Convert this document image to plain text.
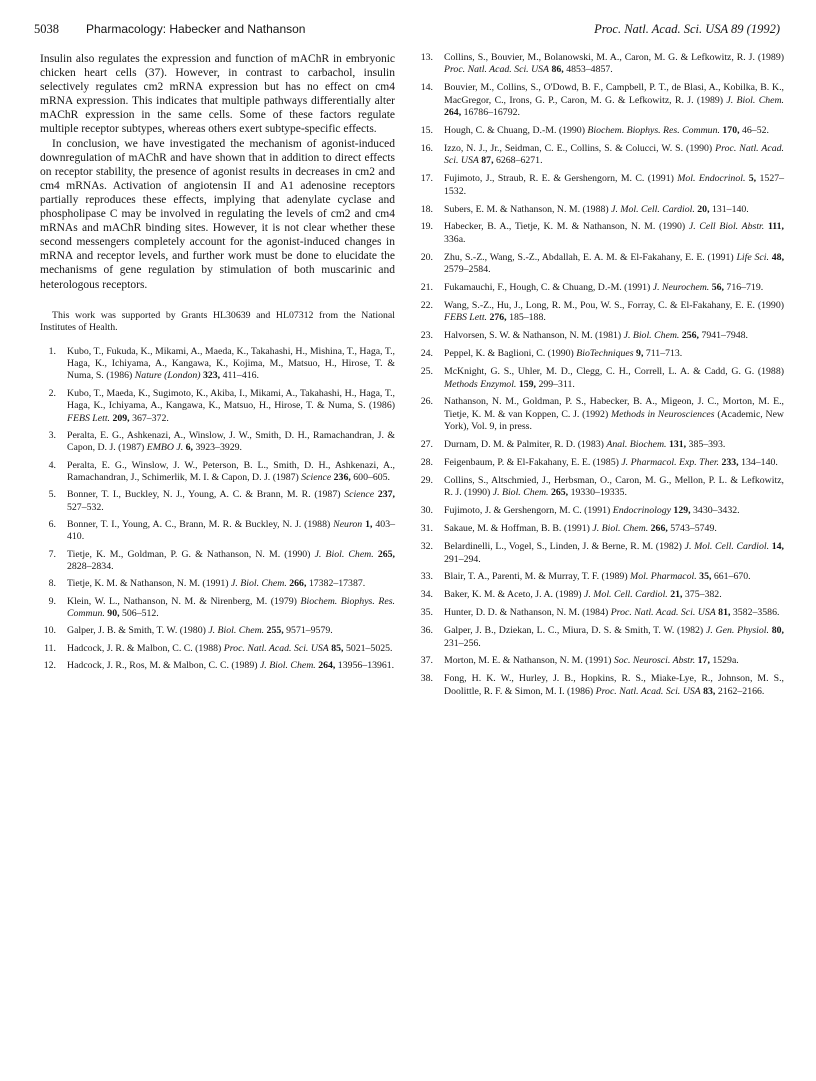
5038 Pharmacology: Habecker and Nathanson	Proc. Natl. Acad. Sci. USA 89 (1992)

Insulin also regulates the expression and function of mAChR in embryonic chicken heart cells (37). However, in contrast to carbachol, insulin selectively regulates cm2 mRNA expression but has no effect on cm4 mRNA expression. This indicates that multiple pathways differentially alter mAChR expression in the same cells. Some of these factors regulate multiple receptor subtypes, whereas others exert subtype-specific effects.

In conclusion, we have investigated the mechanism of agonist-induced downregulation of mAChR and have shown that in addition to direct effects on receptor stability, the presence of agonist results in decreases in cm2 and cm4 mRNAs. Activation of angiotensin II and A1 adenosine receptors partially reproduces these effects, implying that adenylate cyclase and phospholipase C may be involved in regulating the levels of cm2 and cm4 mRNAs and mAChR binding sites. However, it is not clear whether these second messengers completely account for the agonist-induced changes in mRNA and receptor levels, and further work must be done to elucidate the mechanisms of gene regulation by stimulation of both muscarinic and heterologous receptors.

This work was supported by Grants HL30639 and HL07312 from the National Institutes of Health.

1. Kubo, T., Fukuda, K., Mikami, A., Maeda, K., Takahashi, H., Mishina, T., Haga, T., Haga, K., Ichiyama, A., Kangawa, K., Kojima, M., Matsuo, H., Hirose, T. & Numa, S. (1986) Nature (London) 323, 411–416.
2. Kubo, T., Maeda, K., Sugimoto, K., Akiba, I., Mikami, A., Takahashi, H., Haga, T., Haga, K., Ichiyama, A., Kangawa, K., Matsuo, H., Hirose, T. & Numa, S. (1986) FEBS Lett. 209, 367–372.
3. Peralta, E. G., Ashkenazi, A., Winslow, J. W., Smith, D. H., Ramachandran, J. & Capon, D. J. (1987) EMBO J. 6, 3923–3929.
4. Peralta, E. G., Winslow, J. W., Peterson, B. L., Smith, D. H., Ashkenazi, A., Ramachandran, J., Schimerlik, M. I. & Capon, D. J. (1987) Science 236, 600–605.
5. Bonner, T. I., Buckley, N. J., Young, A. C. & Brann, M. R. (1987) Science 237, 527–532.
6. Bonner, T. I., Young, A. C., Brann, M. R. & Buckley, N. J. (1988) Neuron 1, 403–410.
7. Tietje, K. M., Goldman, P. G. & Nathanson, N. M. (1990) J. Biol. Chem. 265, 2828–2834.
8. Tietje, K. M. & Nathanson, N. M. (1991) J. Biol. Chem. 266, 17382–17387.
9. Klein, W. L., Nathanson, N. M. & Nirenberg, M. (1979) Biochem. Biophys. Res. Commun. 90, 506–512.
10. Galper, J. B. & Smith, T. W. (1980) J. Biol. Chem. 255, 9571–9579.
11. Hadcock, J. R. & Malbon, C. C. (1988) Proc. Natl. Acad. Sci. USA 85, 5021–5025.
12. Hadcock, J. R., Ros, M. & Malbon, C. C. (1989) J. Biol. Chem. 264, 13956–13961.
13. Collins, S., Bouvier, M., Bolanowski, M. A., Caron, M. G. & Lefkowitz, R. J. (1989) Proc. Natl. Acad. Sci. USA 86, 4853–4857.
14. Bouvier, M., Collins, S., O'Dowd, B. F., Campbell, P. T., de Blasi, A., Kobilka, B. K., MacGregor, C., Irons, G. P., Caron, M. G. & Lefkowitz, R. J. (1989) J. Biol. Chem. 264, 16786–16792.
15. Hough, C. & Chuang, D.-M. (1990) Biochem. Biophys. Res. Commun. 170, 46–52.
16. Izzo, N. J., Jr., Seidman, C. E., Collins, S. & Colucci, W. S. (1990) Proc. Natl. Acad. Sci. USA 87, 6268–6271.
17. Fujimoto, J., Straub, R. E. & Gershengorn, M. C. (1991) Mol. Endocrinol. 5, 1527–1532.
18. Subers, E. M. & Nathanson, N. M. (1988) J. Mol. Cell. Cardiol. 20, 131–140.
19. Habecker, B. A., Tietje, K. M. & Nathanson, N. M. (1990) J. Cell Biol. Abstr. 111, 336a.
20. Zhu, S.-Z., Wang, S.-Z., Abdallah, E. A. M. & El-Fakahany, E. E. (1991) Life Sci. 48, 2579–2584.
21. Fukamauchi, F., Hough, C. & Chuang, D.-M. (1991) J. Neurochem. 56, 716–719.
22. Wang, S.-Z., Hu, J., Long, R. M., Pou, W. S., Forray, C. & El-Fakahany, E. E. (1990) FEBS Lett. 276, 185–188.
23. Halvorsen, S. W. & Nathanson, N. M. (1981) J. Biol. Chem. 256, 7941–7948.
24. Peppel, K. & Baglioni, C. (1990) BioTechniques 9, 711–713.
25. McKnight, G. S., Uhler, M. D., Clegg, C. H., Correll, L. A. & Cadd, G. G. (1988) Methods Enzymol. 159, 299–311.
26. Nathanson, N. M., Goldman, P. S., Habecker, B. A., Migeon, J. C., Morton, M. E., Tietje, K. M. & van Koppen, C. J. (1992) Methods in Neurosciences (Academic, New York), Vol. 9, in press.
27. Durnam, D. M. & Palmiter, R. D. (1983) Anal. Biochem. 131, 385–393.
28. Feigenbaum, P. & El-Fakahany, E. E. (1985) J. Pharmacol. Exp. Ther. 233, 134–140.
29. Collins, S., Altschmied, J., Herbsman, O., Caron, M. G., Mellon, P. L. & Lefkowitz, R. J. (1990) J. Biol. Chem. 265, 19330–19335.
30. Fujimoto, J. & Gershengorn, M. C. (1991) Endocrinology 129, 3430–3432.
31. Sakaue, M. & Hoffman, B. B. (1991) J. Biol. Chem. 266, 5743–5749.
32. Belardinelli, L., Vogel, S., Linden, J. & Berne, R. M. (1982) J. Mol. Cell. Cardiol. 14, 291–294.
33. Blair, T. A., Parenti, M. & Murray, T. F. (1989) Mol. Pharmacol. 35, 661–670.
34. Baker, K. M. & Aceto, J. A. (1989) J. Mol. Cell. Cardiol. 21, 375–382.
35. Hunter, D. D. & Nathanson, N. M. (1984) Proc. Natl. Acad. Sci. USA 81, 3582–3586.
36. Galper, J. B., Dziekan, L. C., Miura, D. S. & Smith, T. W. (1982) J. Gen. Physiol. 80, 231–256.
37. Morton, M. E. & Nathanson, N. M. (1991) Soc. Neurosci. Abstr. 17, 1529a.
38. Fong, H. K. W., Hurley, J. B., Hopkins, R. S., Miake-Lye, R., Johnson, M. S., Doolittle, R. F. & Simon, M. I. (1986) Proc. Natl. Acad. Sci. USA 83, 2162–2166.
